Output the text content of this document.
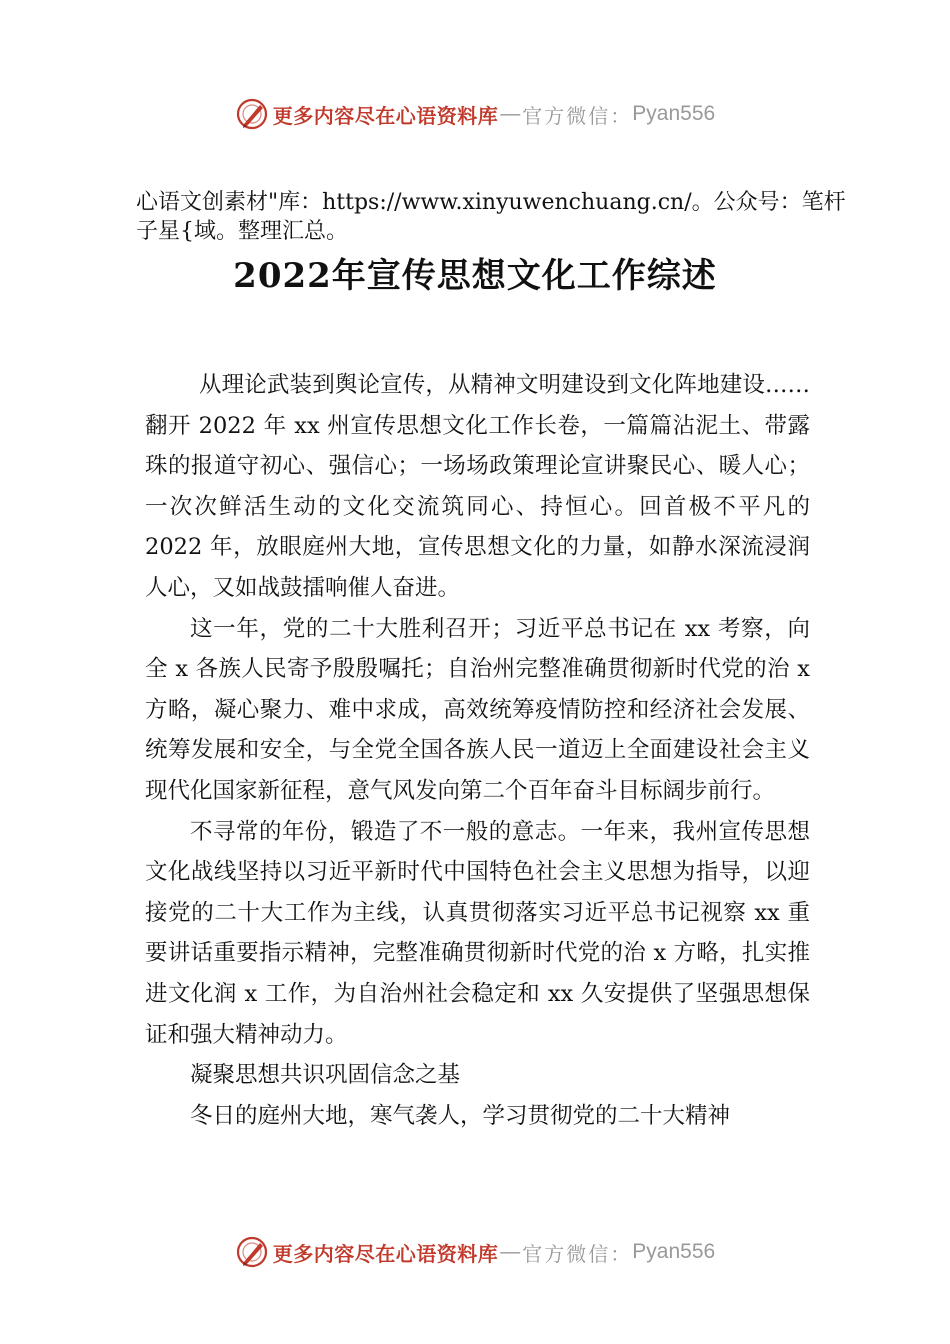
更多内容尽在心语资料库 — 官方微信： Pyan556
心语文创素材"库：https://www.xinyuwenchuang.cn/。公众号：笔杆子星{域。整理汇总。
2022年宣传思想文化工作综述

从理论武装到舆论宣传，从精神文明建设到文化阵地建设……翻开 2022 年 xx 州宣传思想文化工作长卷，一篇篇沾泥土、带露珠的报道守初心、强信心；一场场政策理论宣讲聚民心、暖人心；一次次鲜活生动的文化交流筑同心、持恒心。回首极不平凡的 2022 年，放眼庭州大地，宣传思想文化的力量，如静水深流浸润人心，又如战鼓擂响催人奋进。

这一年，党的二十大胜利召开；习近平总书记在 xx 考察，向全 x 各族人民寄予殷殷嘱托；自治州完整准确贯彻新时代党的治 x 方略，凝心聚力、难中求成，高效统筹疫情防控和经济社会发展、统筹发展和安全，与全党全国各族人民一道迈上全面建设社会主义现代化国家新征程，意气风发向第二个百年奋斗目标阔步前行。

不寻常的年份，锻造了不一般的意志。一年来，我州宣传思想文化战线坚持以习近平新时代中国特色社会主义思想为指导，以迎接党的二十大工作为主线，认真贯彻落实习近平总书记视察 xx 重要讲话重要指示精神，完整准确贯彻新时代党的治 x 方略，扎实推进文化润 x 工作，为自治州社会稳定和 xx 久安提供了坚强思想保证和强大精神动力。

凝聚思想共识巩固信念之基

冬日的庭州大地，寒气袭人，学习贯彻党的二十大精神

更多内容尽在心语资料库 — 官方微信： Pyan556
